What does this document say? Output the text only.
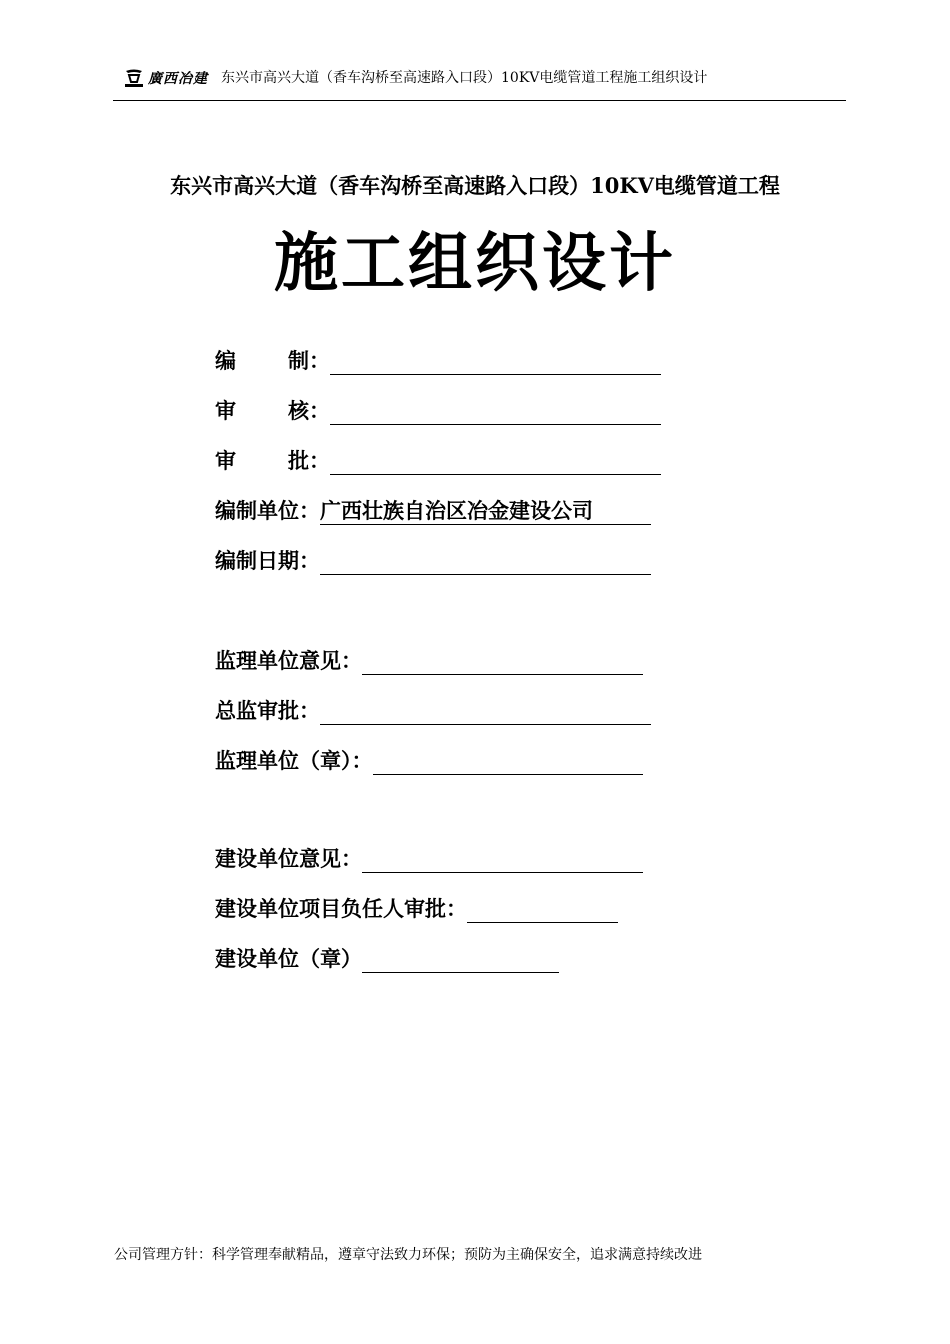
廣西冶建 东兴市高兴大道（香车沟桥至高速路入口段）10KV电缆管道工程施工组织设计
东兴市高兴大道（香车沟桥至高速路入口段）10KV电缆管道工程
施工组织设计
编 制：
审 核：
审 批：
编制单位： 广西壮族自治区冶金建设公司
编制日期：
监理单位意见：
总监审批：
监理单位（章）：
建设单位意见：
建设单位项目负任人审批：
建设单位（章）
公司管理方针：科学管理奉献精品，遵章守法致力环保；预防为主确保安全，追求满意持续改进
